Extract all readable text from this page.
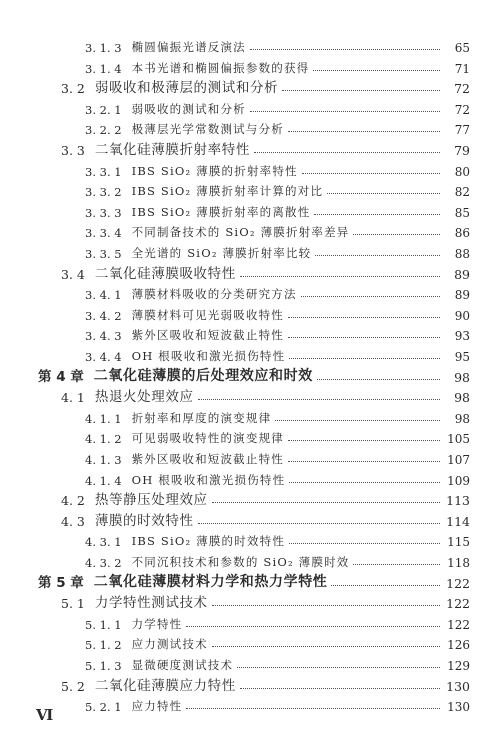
3. 1. 3 椭圆偏振光谱反演法	65
3. 1. 4 本书光谱和椭圆偏振参数的获得	71
3. 2 弱吸收和极薄层的测试和分析	72
3. 2. 1 弱吸收的测试和分析	72
3. 2. 2 极薄层光学常数测试与分析	77
3. 3 二氧化硅薄膜折射率特性	79
3. 3. 1 IBS SiO₂ 薄膜的折射率特性	80
3. 3. 2 IBS SiO₂ 薄膜折射率计算的对比	82
3. 3. 3 IBS SiO₂ 薄膜折射率的离散性	85
3. 3. 4 不同制备技术的 SiO₂ 薄膜折射率差异	86
3. 3. 5 全光谱的 SiO₂ 薄膜折射率比较	88
3. 4 二氧化硅薄膜吸收特性	89
3. 4. 1 薄膜材料吸收的分类研究方法	89
3. 4. 2 薄膜材料可见光弱吸收特性	90
3. 4. 3 紫外区吸收和短波截止特性	93
3. 4. 4 OH 根吸收和激光损伤特性	95
第 4 章 二氧化硅薄膜的后处理效应和时效	98
4. 1 热退火处理效应	98
4. 1. 1 折射率和厚度的演变规律	98
4. 1. 2 可见弱吸收特性的演变规律	105
4. 1. 3 紫外区吸收和短波截止特性	107
4. 1. 4 OH 根吸收和激光损伤特性	109
4. 2 热等静压处理效应	113
4. 3 薄膜的时效特性	114
4. 3. 1 IBS SiO₂ 薄膜的时效特性	115
4. 3. 2 不同沉积技术和参数的 SiO₂ 薄膜时效	118
第 5 章 二氧化硅薄膜材料力学和热力学特性	122
5. 1 力学特性测试技术	122
5. 1. 1 力学特性	122
5. 1. 2 应力测试技术	126
5. 1. 3 显微硬度测试技术	129
5. 2 二氧化硅薄膜应力特性	130
5. 2. 1 应力特性	130
Ⅵ
